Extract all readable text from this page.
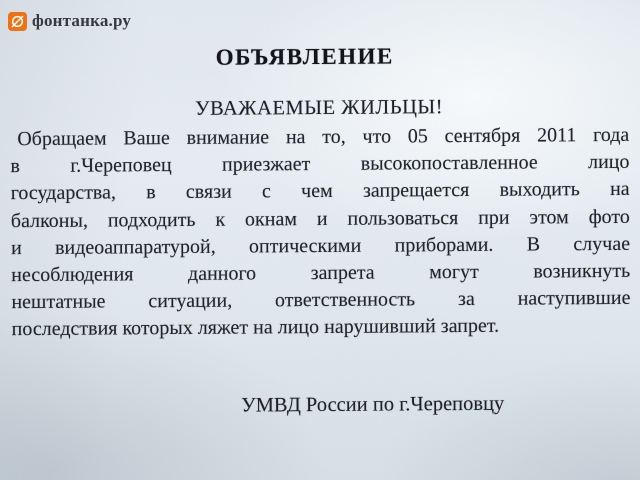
фонтанка.ру
ОБЪЯВЛЕНИЕ
УВАЖАЕМЫЕ ЖИЛЬЦЫ!
Обращаем Ваше внимание на то, что 05 сентября 2011 года
в г.Череповец приезжает высокопоставленное лицо
государства, в связи с чем запрещается выходить на
балконы, подходить к окнам и пользоваться при этом фото
и видеоаппаратурой, оптическими приборами. В случае
несоблюдения данного запрета могут возникнуть
нештатные ситуации, ответственность за наступившие
последствия которых ляжет на лицо нарушивший запрет.
УМВД России по г.Череповцу
